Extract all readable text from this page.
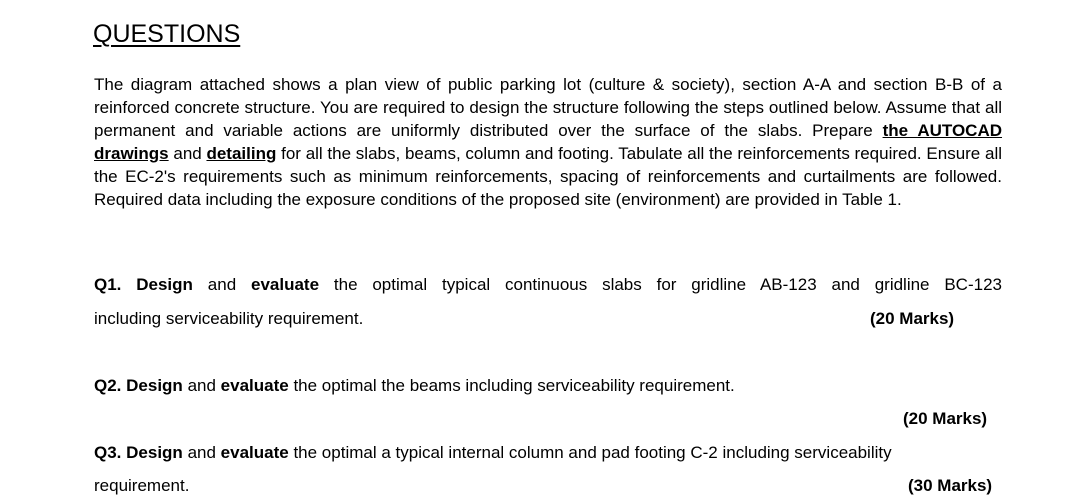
QUESTIONS

The diagram attached shows a plan view of public parking lot (culture & society), section A-A and section B-B of a reinforced concrete structure. You are required to design the structure following the steps outlined below. Assume that all permanent and variable actions are uniformly distributed over the surface of the slabs. Prepare the AUTOCAD drawings and detailing for all the slabs, beams, column and footing. Tabulate all the reinforcements required. Ensure all the EC-2's requirements such as minimum reinforcements, spacing of reinforcements and curtailments are followed. Required data including the exposure conditions of the proposed site (environment) are provided in Table 1.

Q1. Design and evaluate the optimal typical continuous slabs for gridline AB-123 and gridline BC-123

including serviceability requirement.	(20 Marks)

Q2. Design and evaluate the optimal the beams including serviceability requirement.

(20 Marks)

Q3. Design and evaluate the optimal a typical internal column and pad footing C-2 including serviceability

requirement.	(30 Marks)
